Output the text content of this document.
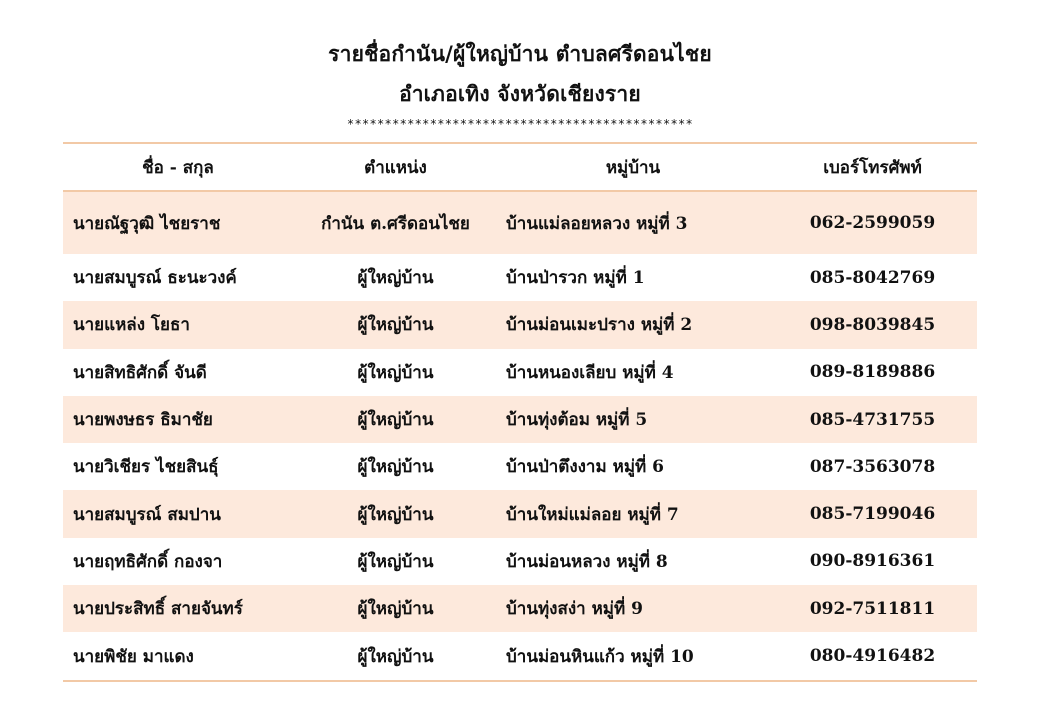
รายชื่อกำนัน/ผู้ใหญ่บ้าน ตำบลศรีดอนไชย
อำเภอเทิง จังหวัดเชียงราย
**********************************************
ชื่อ - สกุล	ตำแหน่ง	หมู่บ้าน	เบอร์โทรศัพท์
นายณัฐวุฒิ ไชยราช	กำนัน ต.ศรีดอนไชย	บ้านแม่ลอยหลวง หมู่ที่ 3	062-2599059
นายสมบูรณ์ ธะนะวงค์	ผู้ใหญ่บ้าน	บ้านป่ารวก หมู่ที่ 1	085-8042769
นายแหล่ง โยธา	ผู้ใหญ่บ้าน	บ้านม่อนเมะปราง หมู่ที่ 2	098-8039845
นายสิทธิศักดิ์ จันดี	ผู้ใหญ่บ้าน	บ้านหนองเลียบ หมู่ที่ 4	089-8189886
นายพงษธร ธิมาชัย	ผู้ใหญ่บ้าน	บ้านทุ่งต้อม หมู่ที่ 5	085-4731755
นายวิเชียร ไชยสินธุ์	ผู้ใหญ่บ้าน	บ้านป่าตึงงาม หมู่ที่ 6	087-3563078
นายสมบูรณ์ สมปาน	ผู้ใหญ่บ้าน	บ้านใหม่แม่ลอย หมู่ที่ 7	085-7199046
นายฤทธิศักดิ์ กองจา	ผู้ใหญ่บ้าน	บ้านม่อนหลวง หมู่ที่ 8	090-8916361
นายประสิทธิ์ สายจันทร์	ผู้ใหญ่บ้าน	บ้านทุ่งสง่า หมู่ที่ 9	092-7511811
นายพิชัย มาแดง	ผู้ใหญ่บ้าน	บ้านม่อนหินแก้ว หมู่ที่ 10	080-4916482
